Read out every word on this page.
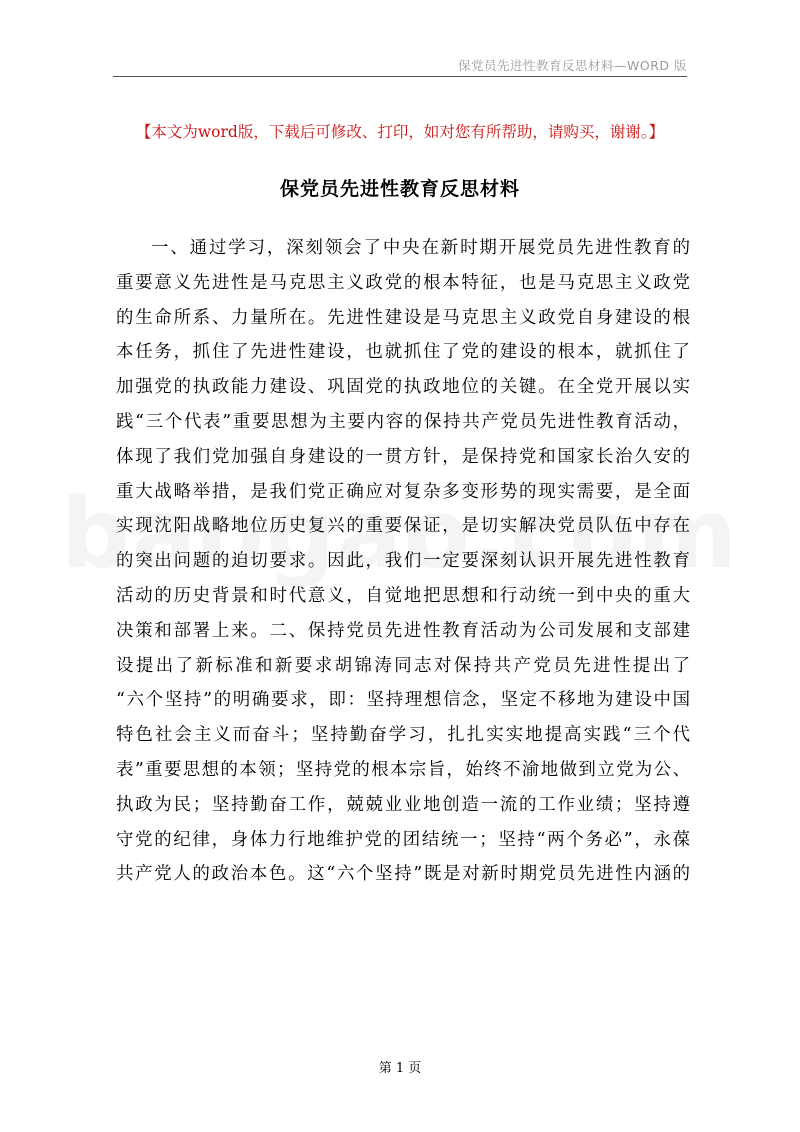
保党员先进性教育反思材料—WORD 版
【本文为word版，下载后可修改、打印，如对您有所帮助，请购买，谢谢。】
保党员先进性教育反思材料
一、通过学习，深刻领会了中央在新时期开展党员先进性教育的
重要意义先进性是马克思主义政党的根本特征，也是马克思主义政党
的生命所系、力量所在。先进性建设是马克思主义政党自身建设的根
本任务，抓住了先进性建设，也就抓住了党的建设的根本，就抓住了
加强党的执政能力建设、巩固党的执政地位的关键。在全党开展以实
践“三个代表”重要思想为主要内容的保持共产党员先进性教育活动，
体现了我们党加强自身建设的一贯方针，是保持党和国家长治久安的
重大战略举措，是我们党正确应对复杂多变形势的现实需要，是全面
实现沈阳战略地位历史复兴的重要保证，是切实解决党员队伍中存在
的突出问题的迫切要求。因此，我们一定要深刻认识开展先进性教育
活动的历史背景和时代意义，自觉地把思想和行动统一到中央的重大
决策和部署上来。二、保持党员先进性教育活动为公司发展和支部建
设提出了新标准和新要求胡锦涛同志对保持共产党员先进性提出了
“六个坚持”的明确要求，即：坚持理想信念，坚定不移地为建设中国
特色社会主义而奋斗；坚持勤奋学习，扎扎实实地提高实践“三个代
表”重要思想的本领；坚持党的根本宗旨，始终不渝地做到立党为公、
执政为民；坚持勤奋工作，兢兢业业地创造一流的工作业绩；坚持遵
守党的纪律，身体力行地维护党的团结统一；坚持“两个务必”，永葆
共产党人的政治本色。这“六个坚持”既是对新时期党员先进性内涵的
第 1 页
